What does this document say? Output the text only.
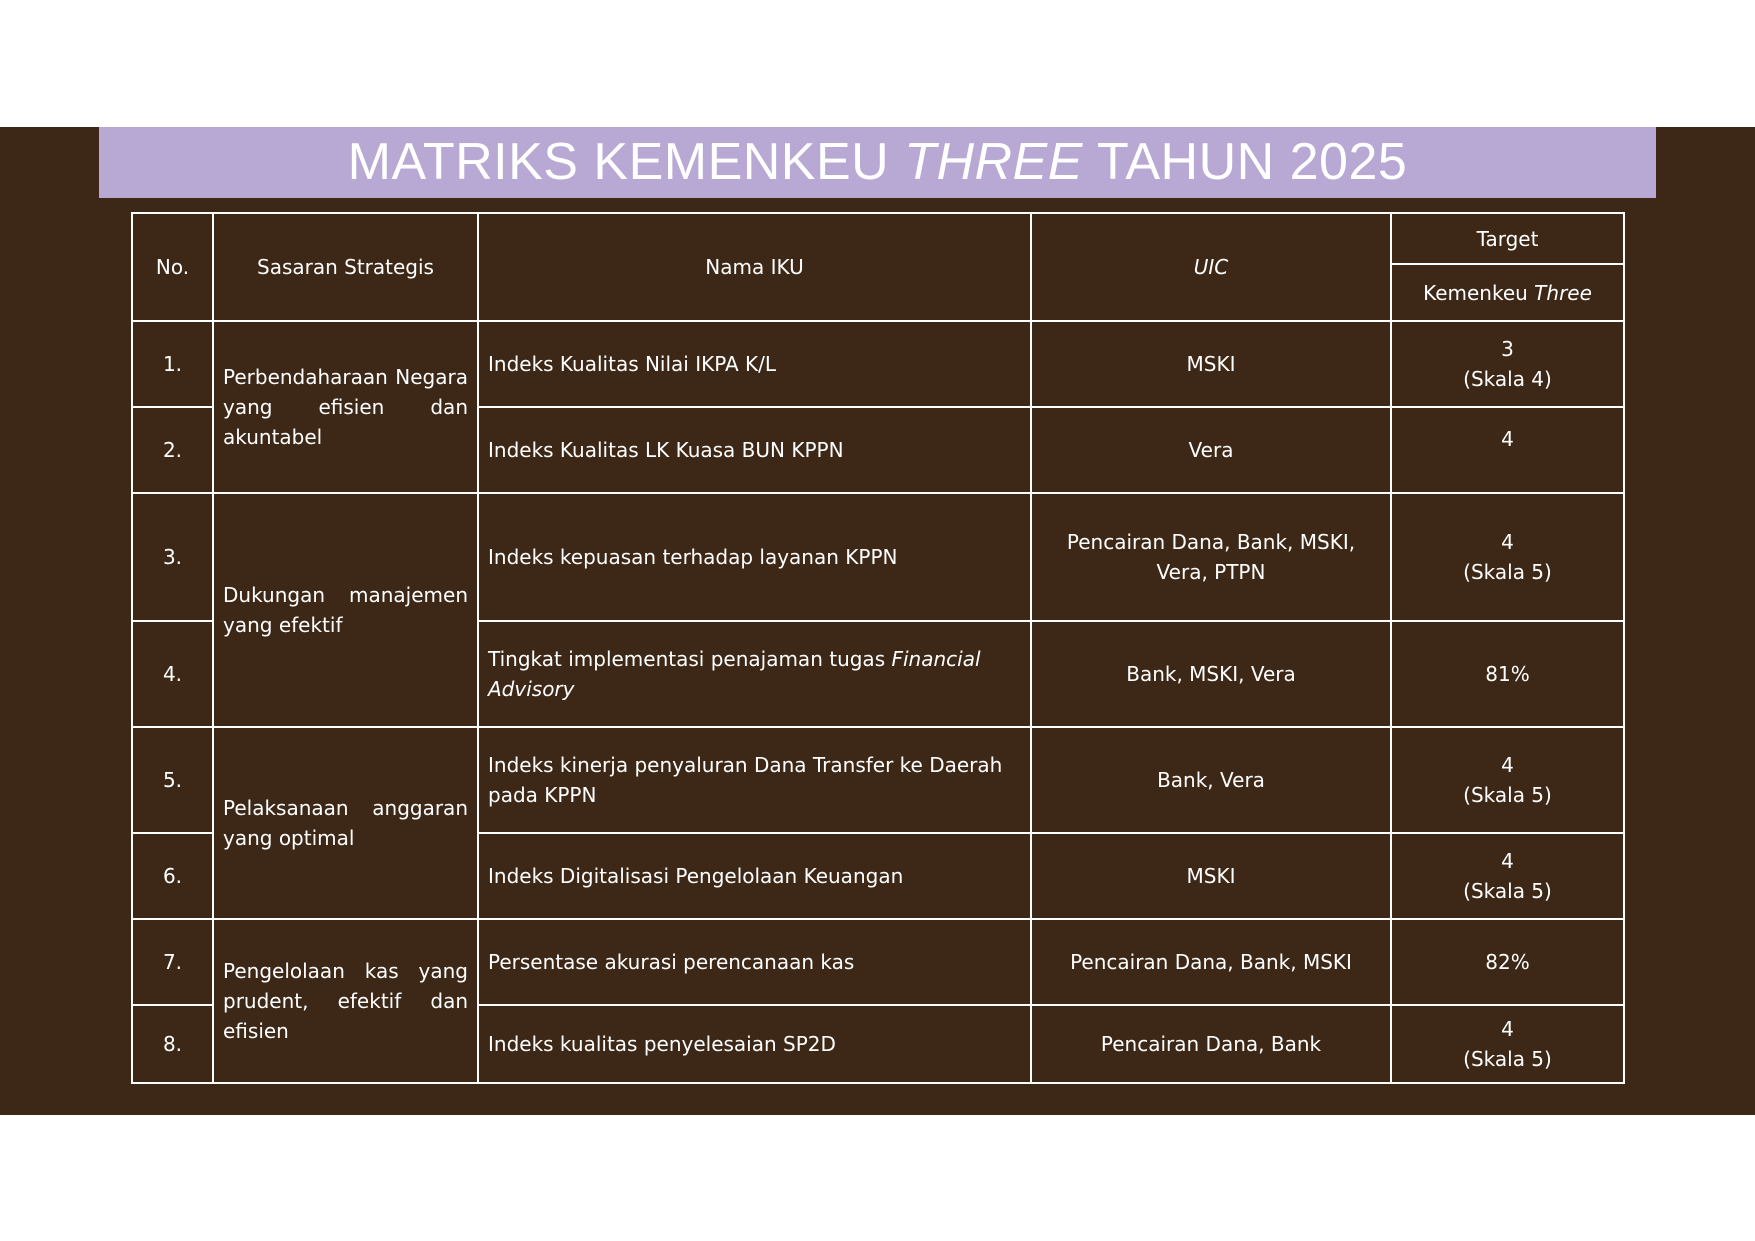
MATRIKS KEMENKEU THREE TAHUN 2025
No.	Sasaran Strategis	Nama IKU	UIC	Target
				Kemenkeu Three
1.	Perbendaharaan Negara yang efisien dan akuntabel	Indeks Kualitas Nilai IKPA K/L	MSKI	3
(Skala 4)

2.		Indeks Kualitas LK Kuasa BUN KPPN	Vera	4

3.	Dukungan manajemen yang efektif	Indeks kepuasan terhadap layanan KPPN	Pencairan Dana, Bank, MSKI, Vera, PTPN	4
(Skala 5)

4.		Tingkat implementasi penajaman tugas Financial Advisory	Bank, MSKI, Vera	81%

5.	Pelaksanaan anggaran yang optimal	Indeks kinerja penyaluran Dana Transfer ke Daerah pada KPPN	Bank, Vera	4
(Skala 5)

6.		Indeks Digitalisasi Pengelolaan Keuangan	MSKI	4
(Skala 5)

7.	Pengelolaan kas yang prudent, efektif dan efisien	Persentase akurasi perencanaan kas	Pencairan Dana, Bank, MSKI	82%

8.		Indeks kualitas penyelesaian SP2D	Pencairan Dana, Bank	4
(Skala 5)
